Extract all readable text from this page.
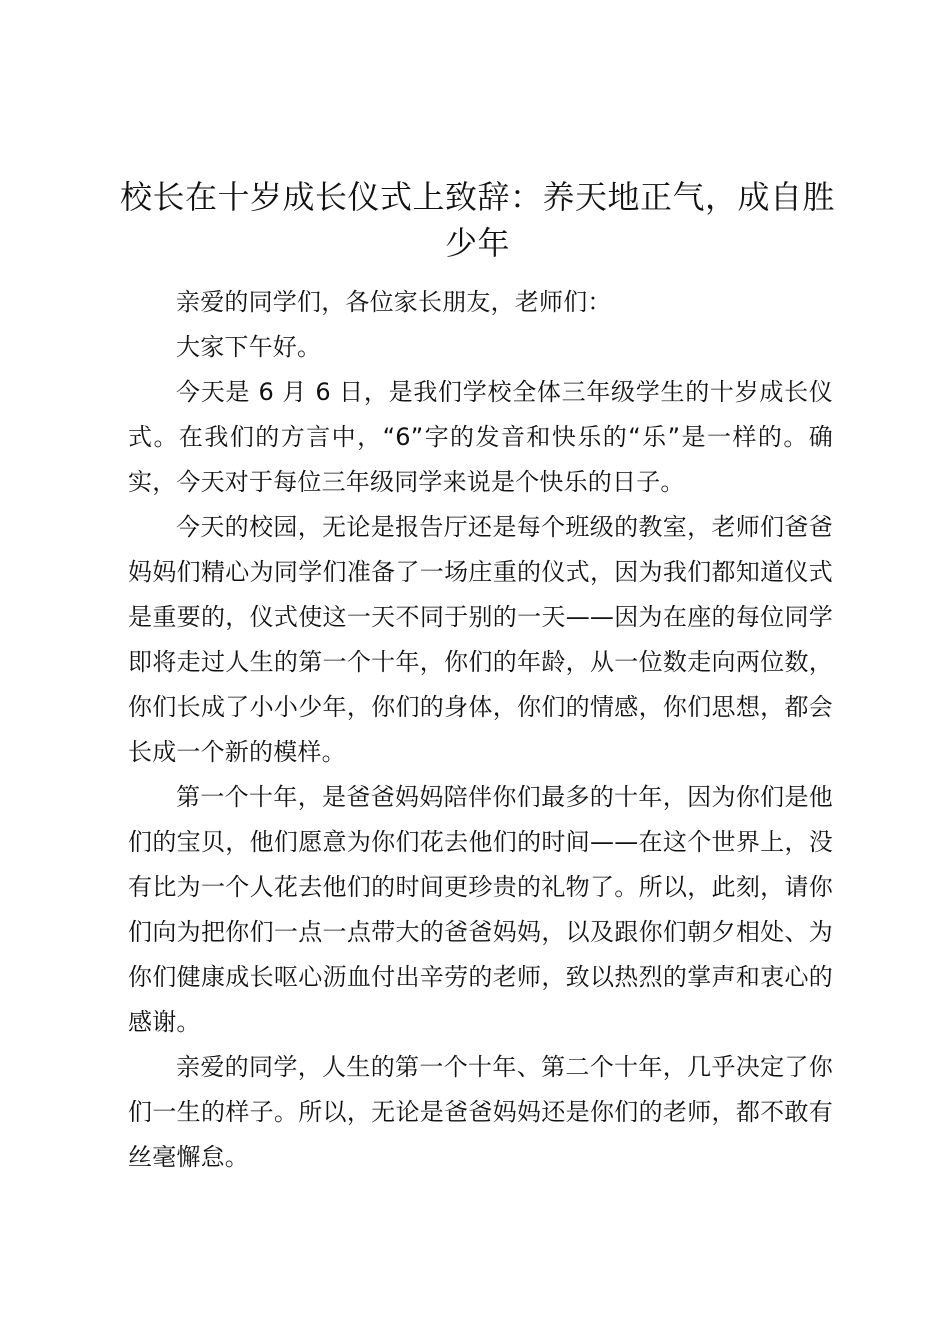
校长在十岁成长仪式上致辞：养天地正气，成自胜少年

亲爱的同学们，各位家长朋友，老师们：

大家下午好。

今天是 6 月 6 日，是我们学校全体三年级学生的十岁成长仪式。在我们的方言中，“6”字的发音和快乐的“乐”是一样的。确实，今天对于每位三年级同学来说是个快乐的日子。

今天的校园，无论是报告厅还是每个班级的教室，老师们爸爸妈妈们精心为同学们准备了一场庄重的仪式，因为我们都知道仪式是重要的，仪式使这一天不同于别的一天——因为在座的每位同学即将走过人生的第一个十年，你们的年龄，从一位数走向两位数，你们长成了小小少年，你们的身体，你们的情感，你们思想，都会长成一个新的模样。

第一个十年，是爸爸妈妈陪伴你们最多的十年，因为你们是他们的宝贝，他们愿意为你们花去他们的时间——在这个世界上，没有比为一个人花去他们的时间更珍贵的礼物了。所以，此刻，请你们向为把你们一点一点带大的爸爸妈妈，以及跟你们朝夕相处、为你们健康成长呕心沥血付出辛劳的老师，致以热烈的掌声和衷心的感谢。

亲爱的同学，人生的第一个十年、第二个十年，几乎决定了你们一生的样子。所以，无论是爸爸妈妈还是你们的老师，都不敢有丝毫懈怠。
